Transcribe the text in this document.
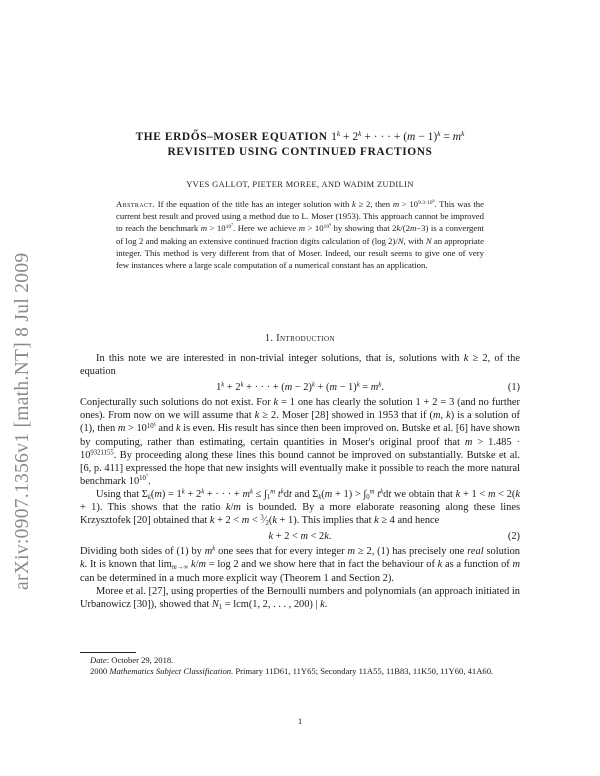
arXiv:0907.1356v1 [math.NT] 8 Jul 2009
THE ERDŐS–MOSER EQUATION $1^k + 2^k$ + · · · + $(m - 1)^k = m^k$
REVISITED USING CONTINUED FRACTIONS
YVES GALLOT, PIETER MOREE, AND WADIM ZUDILIN
Abstract. If the equation of the title has an integer solution with k ≥ 2, then $m > 10^{9.3\cdot 10^6}$. This was the current best result and proved using a method due to L. Moser (1953). This approach cannot be improved to reach the benchmark $m > 10^{10^7}$. Here we achieve $m > 10^{10^9}$ by showing that 2k/(2m−3) is a convergent of log 2 and making an extensive continued fraction digits calculation of (log 2)/N, with N an appropriate integer. This method is very different from that of Moser. Indeed, our result seems to give one of very few instances where a large scale computation of a numerical constant has an application.
1. Introduction

In this note we are interested in non-trivial integer solutions, that is, solutions with k ≥ 2, of the equation

$1^k + 2^k$ + · · · + $(m - 2)^k + (m - 1)^k = m^k$.	(1)

Conjecturally such solutions do not exist. For k = 1 one has clearly the solution 1 + 2 = 3 (and no further ones). From now on we will assume that k ≥ 2. Moser [28] showed in 1953 that if (m, k) is a solution of (1), then $m > 10^{10^6}$ and k is even. His result has since then been improved on. Butske et al. [6] have shown by computing, rather than estimating, certain quantities in Moser's original proof that $m > 1.485 \cdot 10^{9321155}$. By proceeding along these lines this bound cannot be improved on substantially. Butske et al. [6, p. 411] expressed the hope that new insights will eventually make it possible to reach the more natural benchmark $10^{10^7}$.

Using that $\Sigma_k(m) = 1^k + 2^k$ + · · · + $m^k \le \int_1^m$ $t^kdt$ and $\Sigma_k(m + 1) > \int_0^m$ $t^kdt$ we obtain that k + 1 < m < 2(k + 1). This shows that the ratio k/m is bounded. By a more elaborate reasoning along these lines Krzysztofek [20] obtained that $k + 2 < m < ^3⁄_2(k + 1)$. This implies that k ≥ 4 and hence

k + 2 < m < 2k.	(2)

Dividing both sides of (1) by $m^k$ one sees that for every integer m ≥ 2, (1) has precisely one real solution k. It is known that $\lim_{m\to\infty} k/m = \log 2$ and we show here that in fact the behaviour of k as a function of m can be determined in a much more explicit way (Theorem 1 and Section 2).

Moree et al. [27], using properties of the Bernoulli numbers and polynomials (an approach initiated in Urbanowicz [30]), showed that $N_1 = lcm(1$, 2, . . . , 200) | k.

Date: October 29, 2018.

2000 Mathematics Subject Classification. Primary 11D61, 11Y65; Secondary 11A55, 11B83, 11K50, 11Y60, 41A60.

1
